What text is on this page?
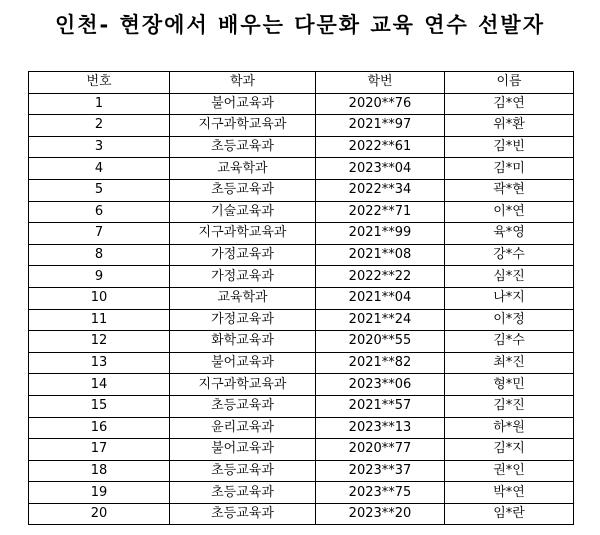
인천- 현장에서 배우는 다문화 교육 연수 선발자
번호	학과	학번	이름
1	불어교육과	2020**76	김*연
2	지구과학교육과	2021**97	위*환
3	초등교육과	2022**61	김*빈
4	교육학과	2023**04	김*미
5	초등교육과	2022**34	곽*현
6	기술교육과	2022**71	이*연
7	지구과학교육과	2021**99	육*영
8	가정교육과	2021**08	강*수
9	가정교육과	2022**22	심*진
10	교육학과	2021**04	나*지
11	가정교육과	2021**24	이*정
12	화학교육과	2020**55	김*수
13	불어교육과	2021**82	최*진
14	지구과학교육과	2023**06	형*민
15	초등교육과	2021**57	김*진
16	윤리교육과	2023**13	하*원
17	불어교육과	2020**77	김*지
18	초등교육과	2023**37	권*인
19	초등교육과	2023**75	박*연
20	초등교육과	2023**20	임*란
